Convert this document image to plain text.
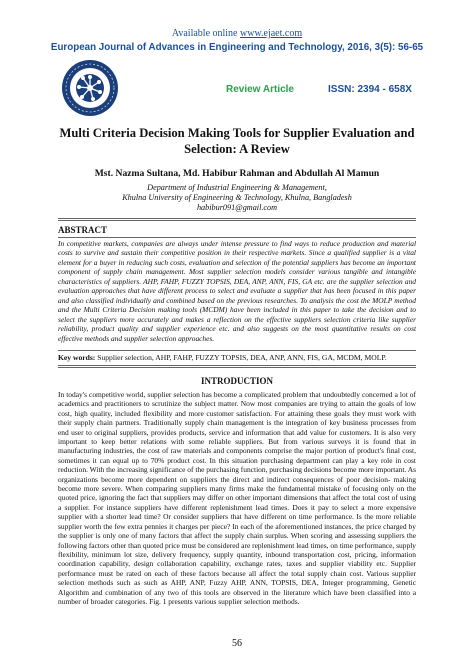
Available online www.ejaet.com
European Journal of Advances in Engineering and Technology, 2016, 3(5): 56-65
Review Article	ISSN: 2394 - 658X
Multi Criteria Decision Making Tools for Supplier Evaluation and Selection: A Review
Mst. Nazma Sultana, Md. Habibur Rahman and Abdullah Al Mamun
Department of Industrial Engineering & Management,
Khulna University of Engineering & Technology, Khulna, Bangladesh
habibur091@gmail.com
ABSTRACT
In competitive markets, companies are always under intense pressure to find ways to reduce production and material costs to survive and sustain their competitive position in their respective markets. Since a qualified supplier is a vital element for a buyer in reducing such costs, evaluation and selection of the potential suppliers has become an important component of supply chain management. Most supplier selection models consider various tangible and intangible characteristics of suppliers. AHP, FAHP, FUZZY TOPSIS, DEA, ANP, ANN, FIS, GA etc. are the supplier selection and evaluation approaches that have different process to select and evaluate a supplier that has been focused in this paper and also classified individually and combined based on the previous researches. To analysis the cost the MOLP method and the Multi Criteria Decision making tools (MCDM) have been included in this paper to take the decision and to select the suppliers more accurately and makes a reflection on the effective suppliers selection criteria like supplier reliability, product quality and supplier experience etc. and also suggests on the most quantitative results on cost effective methods and supplier selection approaches.
Key words: Supplier selection, AHP, FAHP, FUZZY TOPSIS, DEA, ANP, ANN, FIS, GA, MCDM, MOLP.
INTRODUCTION
In today's competitive world, supplier selection has become a complicated problem that undoubtedly concerned a lot of academics and practitioners to scrutinize the subject matter. Now most companies are trying to attain the goals of low cost, high quality, included flexibility and more customer satisfaction. For attaining these goals they must work with their supply chain partners. Traditionally supply chain management is the integration of key business processes from end user to original suppliers, provides products, service and information that add value for customers. It is also very important to keep better relations with some reliable suppliers. But from various surveys it is found that in manufacturing industries, the cost of raw materials and components comprise the major portion of product's final cost, sometimes it can equal up to 70% product cost. In this situation purchasing department can play a key role in cost reduction. With the increasing significance of the purchasing function, purchasing decisions become more important. As organizations become more dependent on suppliers the direct and indirect consequences of poor decision- making become more severe. When comparing suppliers many firms make the fundamental mistake of focusing only on the quoted price, ignoring the fact that suppliers may differ on other important dimensions that affect the total cost of using a supplier. For instance suppliers have different replenishment lead times. Does it pay to select a more expensive supplier with a shorter lead time? Or consider suppliers that have different on time performance. Is the more reliable supplier worth the few extra pennies it charges per piece? In each of the aforementioned instances, the price charged by the supplier is only one of many factors that affect the supply chain surplus. When scoring and assessing suppliers the following factors other than quoted price must be considered are replenishment lead times, on time performance, supply flexibility, minimum lot size, delivery frequency, supply quantity, inbound transportation cost, pricing, information coordination capability, design collaboration capability, exchange rates, taxes and supplier viability etc. Supplier performance must be rated on each of these factors because all affect the total supply chain cost. Various supplier selection methods such as such as AHP, ANP, Fuzzy AHP, ANN, TOPSIS, DEA, Integer programming, Genetic Algorithm and combination of any two of this tools are observed in the literature which have been classified into a number of broader categories. Fig. 1 presents various supplier selection methods.
56
